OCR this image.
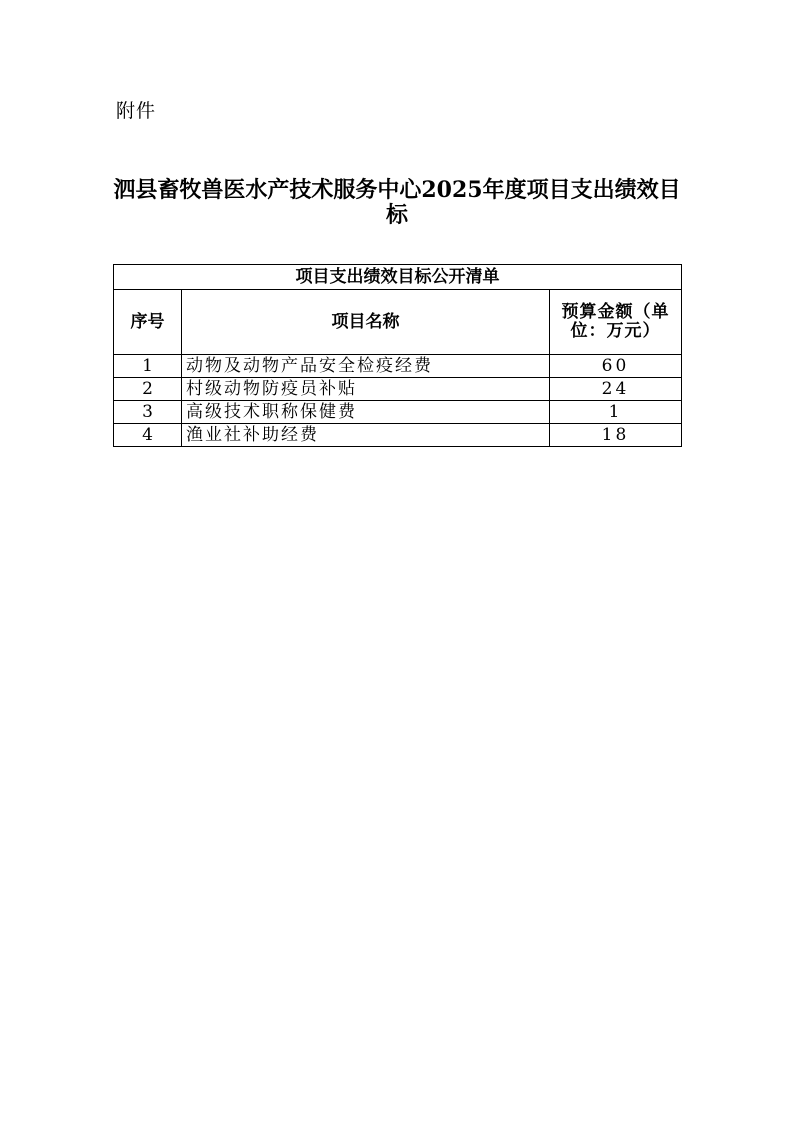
附件
泗县畜牧兽医水产技术服务中心2025年度项目支出绩效目标
项目支出绩效目标公开清单		
序号	项目名称	预算金额（单位：万元）
1	动物及动物产品安全检疫经费	60
2	村级动物防疫员补贴	24
3	高级技术职称保健费	1
4	渔业社补助经费	18
